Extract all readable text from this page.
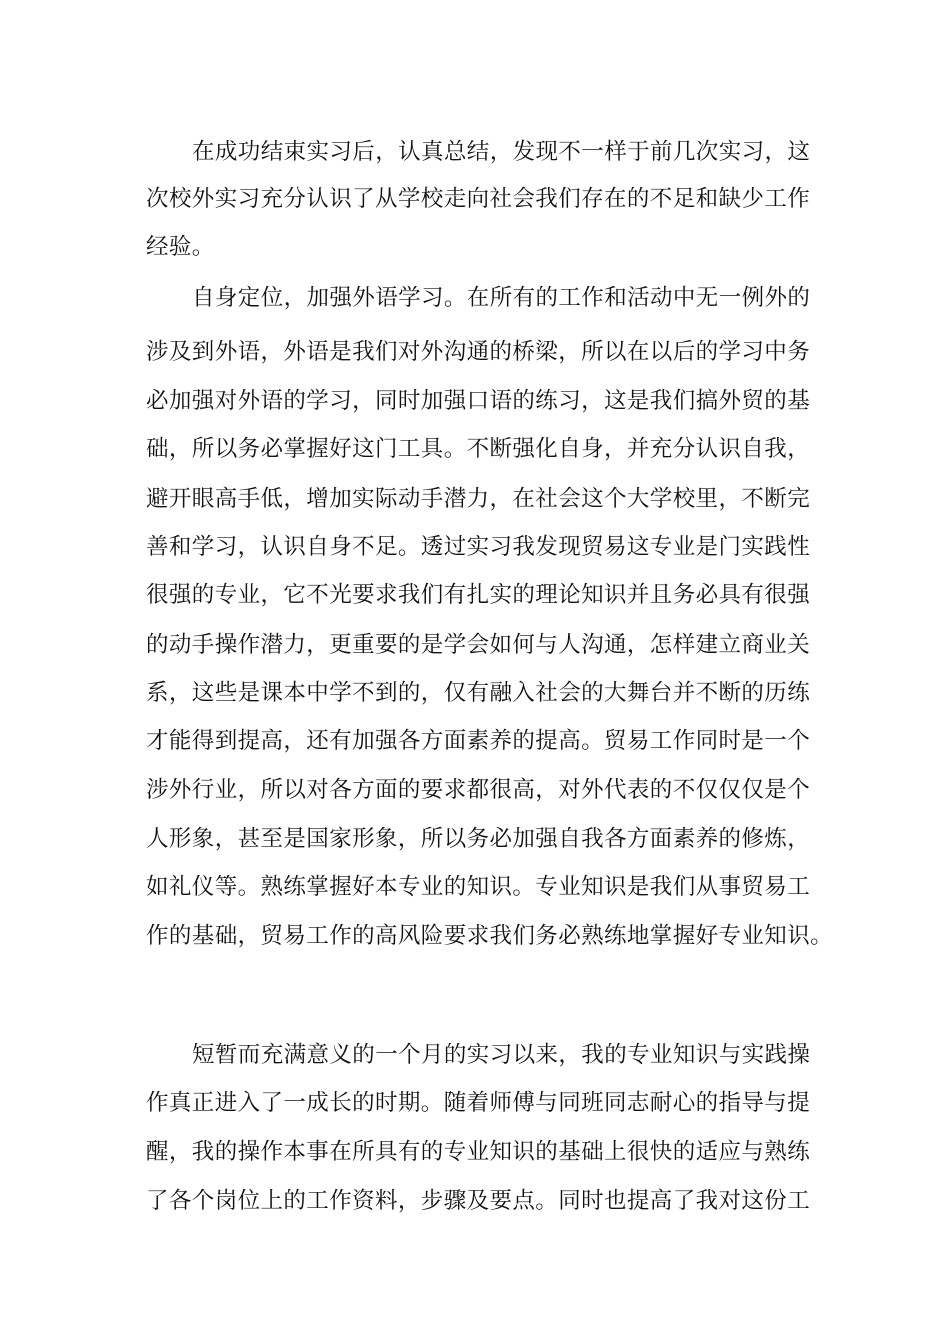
在成功结束实习后，认真总结，发现不一样于前几次实习，这
次校外实习充分认识了从学校走向社会我们存在的不足和缺少工作
经验。
自身定位，加强外语学习。在所有的工作和活动中无一例外的
涉及到外语，外语是我们对外沟通的桥梁，所以在以后的学习中务
必加强对外语的学习，同时加强口语的练习，这是我们搞外贸的基
础，所以务必掌握好这门工具。不断强化自身，并充分认识自我，
避开眼高手低，增加实际动手潜力，在社会这个大学校里，不断完
善和学习，认识自身不足。透过实习我发现贸易这专业是门实践性
很强的专业，它不光要求我们有扎实的理论知识并且务必具有很强
的动手操作潜力，更重要的是学会如何与人沟通，怎样建立商业关
系，这些是课本中学不到的，仅有融入社会的大舞台并不断的历练
才能得到提高，还有加强各方面素养的提高。贸易工作同时是一个
涉外行业，所以对各方面的要求都很高，对外代表的不仅仅仅是个
人形象，甚至是国家形象，所以务必加强自我各方面素养的修炼，
如礼仪等。熟练掌握好本专业的知识。专业知识是我们从事贸易工
作的基础，贸易工作的高风险要求我们务必熟练地掌握好专业知识。
短暂而充满意义的一个月的实习以来，我的专业知识与实践操
作真正进入了一成长的时期。随着师傅与同班同志耐心的指导与提
醒，我的操作本事在所具有的专业知识的基础上很快的适应与熟练
了各个岗位上的工作资料，步骤及要点。同时也提高了我对这份工
